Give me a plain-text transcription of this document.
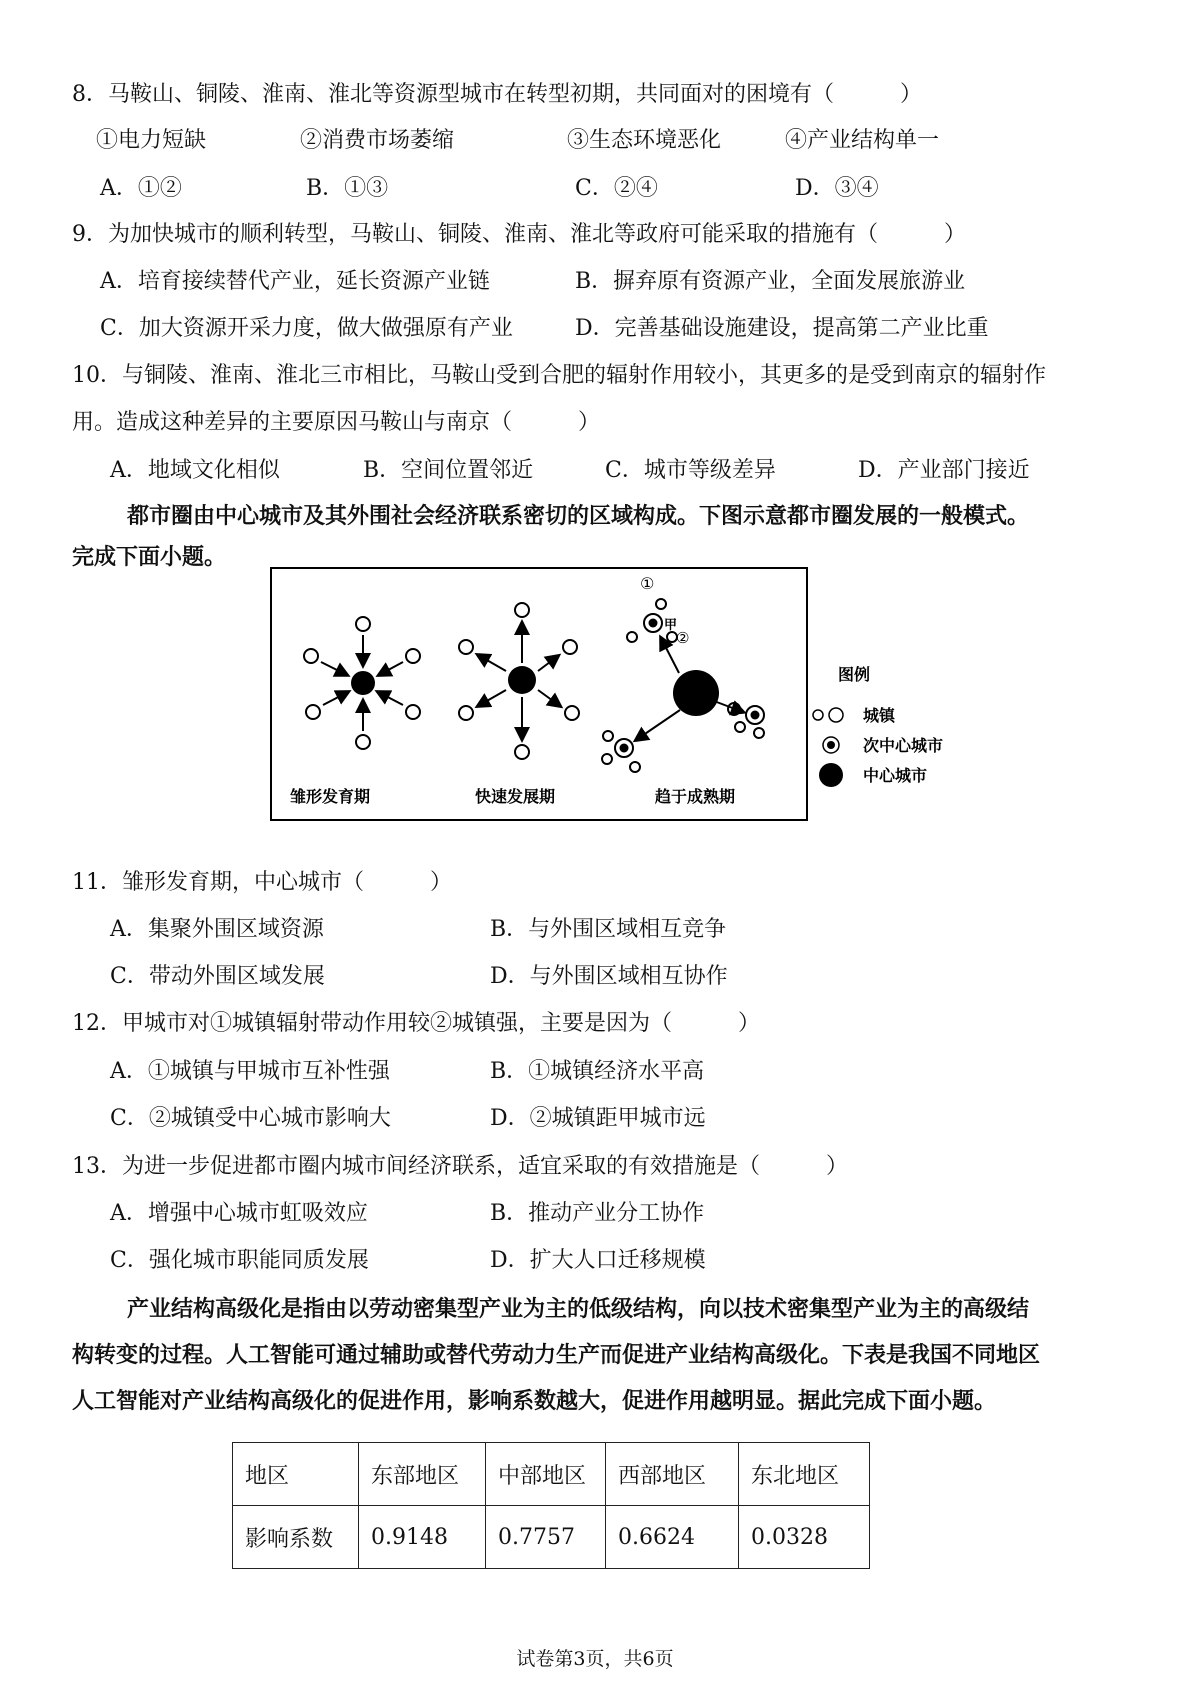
8．马鞍山、铜陵、淮南、淮北等资源型城市在转型初期，共同面对的困境有（　　　）
①电力短缺	②消费市场萎缩	③生态环境恶化	④产业结构单一
A．①②	B．①③	C．②④	D．③④
9．为加快城市的顺利转型，马鞍山、铜陵、淮南、淮北等政府可能采取的措施有（　　　）
A．培育接续替代产业，延长资源产业链	B．摒弃原有资源产业，全面发展旅游业
C．加大资源开采力度，做大做强原有产业	D．完善基础设施建设，提高第二产业比重
10．与铜陵、淮南、淮北三市相比，马鞍山受到合肥的辐射作用较小，其更多的是受到南京的辐射作
用。造成这种差异的主要原因马鞍山与南京（　　　）
A．地域文化相似	B．空间位置邻近	C．城市等级差异	D．产业部门接近
都市圈由中心城市及其外围社会经济联系密切的区域构成。下图示意都市圈发展的一般模式。
完成下面小题。
①
甲
②
雏形发育期	快速发展期	趋于成熟期
图例
城镇
次中心城市
中心城市
11．雏形发育期，中心城市（　　　）
A．集聚外围区域资源	B．与外围区域相互竞争
C．带动外围区域发展	D．与外围区域相互协作
12．甲城市对①城镇辐射带动作用较②城镇强，主要是因为（　　　）
A．①城镇与甲城市互补性强	B．①城镇经济水平高
C．②城镇受中心城市影响大	D．②城镇距甲城市远
13．为进一步促进都市圈内城市间经济联系，适宜采取的有效措施是（　　　）
A．增强中心城市虹吸效应	B．推动产业分工协作
C．强化城市职能同质发展	D．扩大人口迁移规模
产业结构高级化是指由以劳动密集型产业为主的低级结构，向以技术密集型产业为主的高级结
构转变的过程。人工智能可通过辅助或替代劳动力生产而促进产业结构高级化。下表是我国不同地区
人工智能对产业结构高级化的促进作用，影响系数越大，促进作用越明显。据此完成下面小题。
地区	东部地区	中部地区	西部地区	东北地区
影响系数	0.9148	0.7757	0.6624	0.0328
试卷第3页，共6页
